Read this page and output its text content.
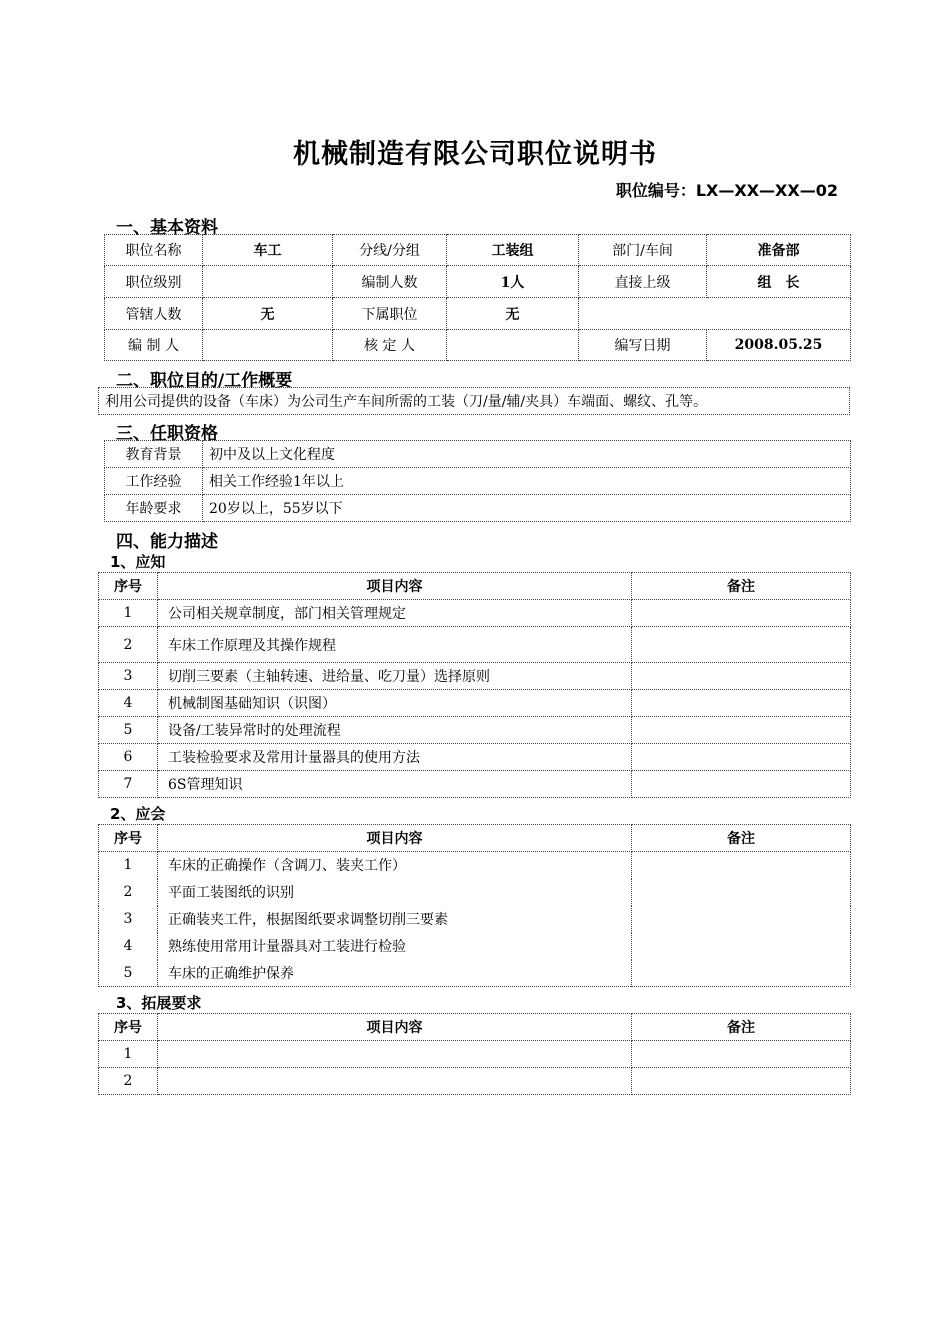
机械制造有限公司职位说明书
职位编号：LX—XX—XX—02
一、基本资料
职位名称	车工	分线/分组	工装组	部门/车间	准备部
职位级别		编制人数	1人	直接上级	组　长
管辖人数	无	下属职位	无		
编 制 人		核 定 人		编写日期	2008.05.25
二、职位目的/工作概要
利用公司提供的设备（车床）为公司生产车间所需的工装（刀/量/辅/夹具）车端面、螺纹、孔等。
三、任职资格
教育背景	初中及以上文化程度
工作经验	相关工作经验1年以上
年龄要求	20岁以上，55岁以下
四、能力描述
1、应知
序号	项目内容	备注
1	公司相关规章制度，部门相关管理规定	
2	车床工作原理及其操作规程	
3	切削三要素（主轴转速、进给量、吃刀量）选择原则	
4	机械制图基础知识（识图）	
5	设备/工装异常时的处理流程	
6	工装检验要求及常用计量器具的使用方法	
7	6S管理知识	
2、应会
序号	项目内容	备注
1	车床的正确操作（含调刀、装夹工作）	
2	平面工装图纸的识别	
3	正确装夹工件，根据图纸要求调整切削三要素	
4	熟练使用常用计量器具对工装进行检验	
5	车床的正确维护保养	
3、拓展要求
序号	项目内容	备注
1		
2		
